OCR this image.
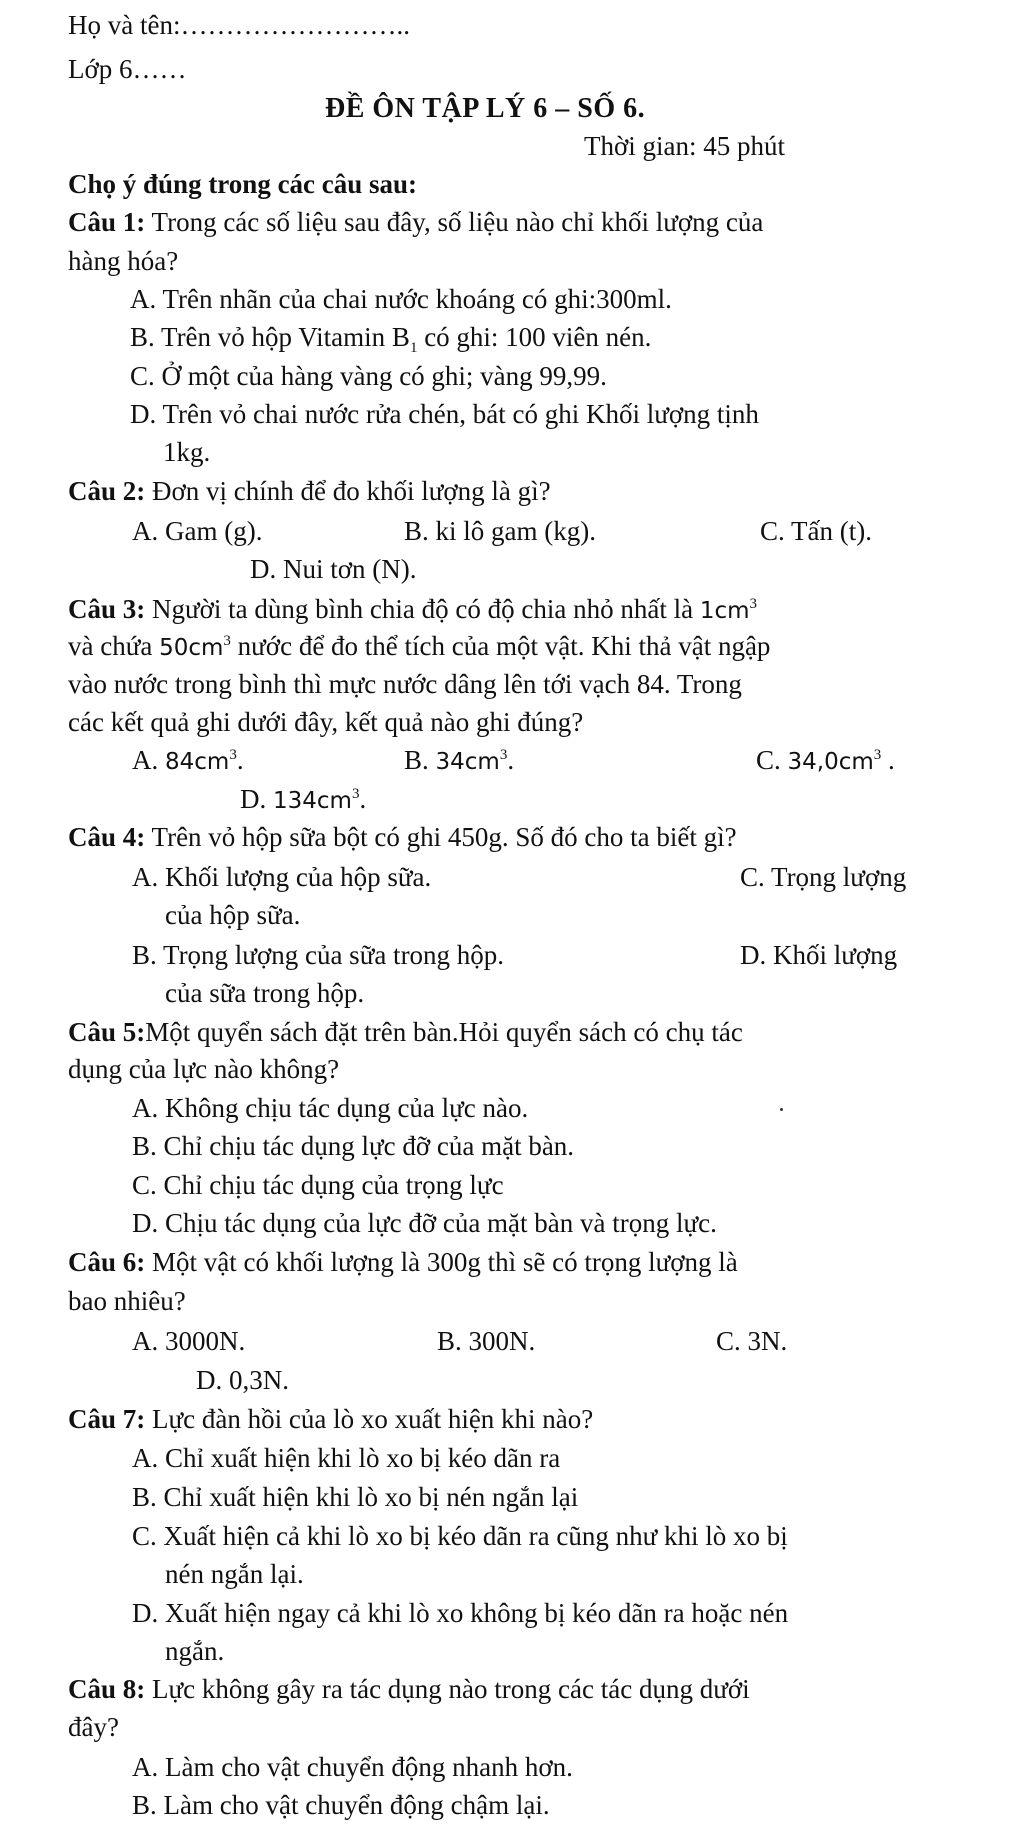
Họ và tên:……………………..
Lớp 6……
ĐỀ ÔN TẬP LÝ 6 – SỐ 6.
Thời gian: 45 phút
Chọ ý đúng trong các câu sau:
Câu 1: Trong các số liệu sau đây, số liệu nào chỉ khối lượng của
hàng hóa?
A. Trên nhãn của chai nước khoáng có ghi:300ml.
B. Trên vỏ hộp Vitamin $B_1$ có ghi: 100 viên nén.
C. Ở một của hàng vàng có ghi; vàng 99,99.
D. Trên vỏ chai nước rửa chén, bát có ghi Khối lượng tịnh
1kg.
Câu 2: Đơn vị chính để đo khối lượng là gì?
A. Gam (g).	B. ki lô gam (kg).	C. Tấn (t).
D. Nui tơn (N).
Câu 3: Người ta dùng bình chia độ có độ chia nhỏ nhất là $1cm^3$
và chứa $50cm^3$ nước để đo thể tích của một vật. Khi thả vật ngập
vào nước trong bình thì mực nước dâng lên tới vạch 84. Trong
các kết quả ghi dưới đây, kết quả nào ghi đúng?
A. $84cm^3$.	B. $34cm^3$.	C. $34,0cm^3$ .
D. $134cm^3$.
Câu 4: Trên vỏ hộp sữa bột có ghi 450g. Số đó cho ta biết gì?
A. Khối lượng của hộp sữa.	C. Trọng lượng
của hộp sữa.
B. Trọng lượng của sữa trong hộp.	D. Khối lượng
của sữa trong hộp.
Câu 5:Một quyển sách đặt trên bàn.Hỏi quyển sách có chụ tác
dụng của lực nào không?
A. Không chịu tác dụng của lực nào.
B. Chỉ chịu tác dụng lực đỡ của mặt bàn.
C. Chỉ chịu tác dụng của trọng lực
D. Chịu tác dụng của lực đỡ của mặt bàn và trọng lực.
Câu 6: Một vật có khối lượng là 300g thì sẽ có trọng lượng là
bao nhiêu?
A. 3000N.	B. 300N.	C. 3N.
D. 0,3N.
Câu 7: Lực đàn hồi của lò xo xuất hiện khi nào?
A. Chỉ xuất hiện khi lò xo bị kéo dãn ra
B. Chỉ xuất hiện khi lò xo bị nén ngắn lại
C. Xuất hiện cả khi lò xo bị kéo dãn ra cũng như khi lò xo bị
nén ngắn lại.
D. Xuất hiện ngay cả khi lò xo không bị kéo dãn ra hoặc nén
ngắn.
Câu 8: Lực không gây ra tác dụng nào trong các tác dụng dưới
đây?
A. Làm cho vật chuyển động nhanh hơn.
B. Làm cho vật chuyển động chậm lại.
